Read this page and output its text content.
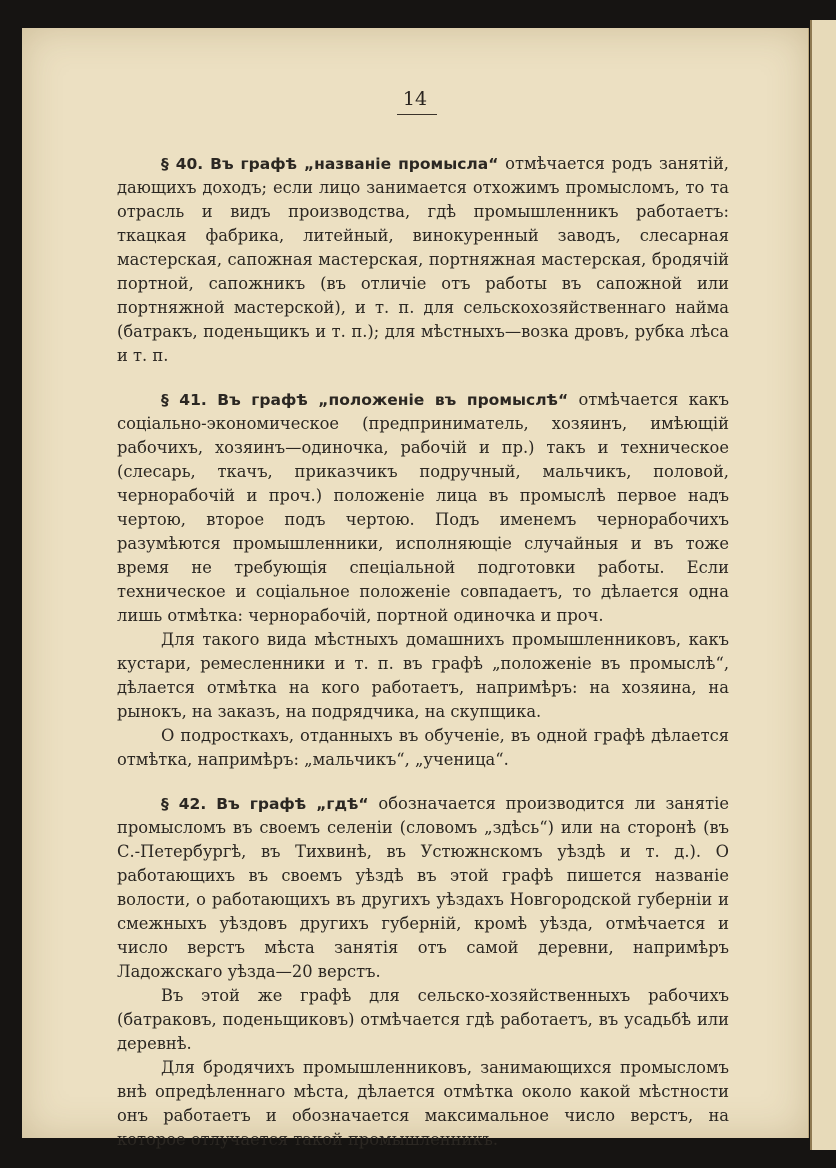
14

§ 40. Въ графѣ „названіе промысла“ отмѣчается родъ занятій, дающихъ доходъ; если лицо занимается отхожимъ промысломъ, то та отрасль и видъ производства, гдѣ промышленникъ работаетъ: ткацкая фабрика, литейный, винокуренный заводъ, слесарная мастерская, сапожная мастерская, портняжная мастерская, бродячій портной, сапожникъ (въ отличіе отъ работы въ сапожной или портняжной мастерской), и т. п. для сельскохозяйственнаго найма (батракъ, поденьщикъ и т. п.); для мѣстныхъ—возка дровъ, рубка лѣса и т. п.

§ 41. Въ графѣ „положеніе въ промыслѣ“ отмѣчается какъ соціально-экономическое (предприниматель, хозяинъ, имѣющій рабочихъ, хозяинъ—одиночка, рабочій и пр.) такъ и техническое (слесарь, ткачъ, приказчикъ подручный, мальчикъ, половой, чернорабочій и проч.) положеніе лица въ промыслѣ первое надъ чертою, второе подъ чертою. Подъ именемъ чернорабочихъ разумѣются промышленники, исполняющіе случайныя и въ тоже время не требующія спеціальной подготовки работы. Если техническое и соціальное положеніе совпадаетъ, то дѣлается одна лишь отмѣтка: чернорабочій, портной одиночка и проч.

Для такого вида мѣстныхъ домашнихъ промышленниковъ, какъ кустари, ремесленники и т. п. въ графѣ „положеніе въ промыслѣ“, дѣлается отмѣтка на кого работаетъ, напримѣръ: на хозяина, на рынокъ, на заказъ, на подрядчика, на скупщика.

О подросткахъ, отданныхъ въ обученіе, въ одной графѣ дѣлается отмѣтка, напримѣръ: „мальчикъ“, „ученица“.

§ 42. Въ графѣ „гдѣ“ обозначается производится ли занятіе промысломъ въ своемъ селеніи (словомъ „здѣсь“) или на сторонѣ (въ С.-Петербургѣ, въ Тихвинѣ, въ Устюжнскомъ уѣздѣ и т. д.). О работающихъ въ своемъ уѣздѣ въ этой графѣ пишется названіе волости, о работающихъ въ другихъ уѣздахъ Новгородской губерніи и смежныхъ уѣздовъ другихъ губерній, кромѣ уѣзда, отмѣчается и число верстъ мѣста занятія отъ самой деревни, напримѣръ Ладожскаго уѣзда—20 верстъ.

Въ этой же графѣ для сельско-хозяйственныхъ рабочихъ (батраковъ, поденьщиковъ) отмѣчается гдѣ работаетъ, въ усадьбѣ или деревнѣ.

Для бродячихъ промышленниковъ, занимающихся промысломъ внѣ опредѣленнаго мѣста, дѣлается отмѣтка около какой мѣстности онъ работаетъ и обозначается максимальное число верстъ, на которое отлучается такой промышленникъ.
